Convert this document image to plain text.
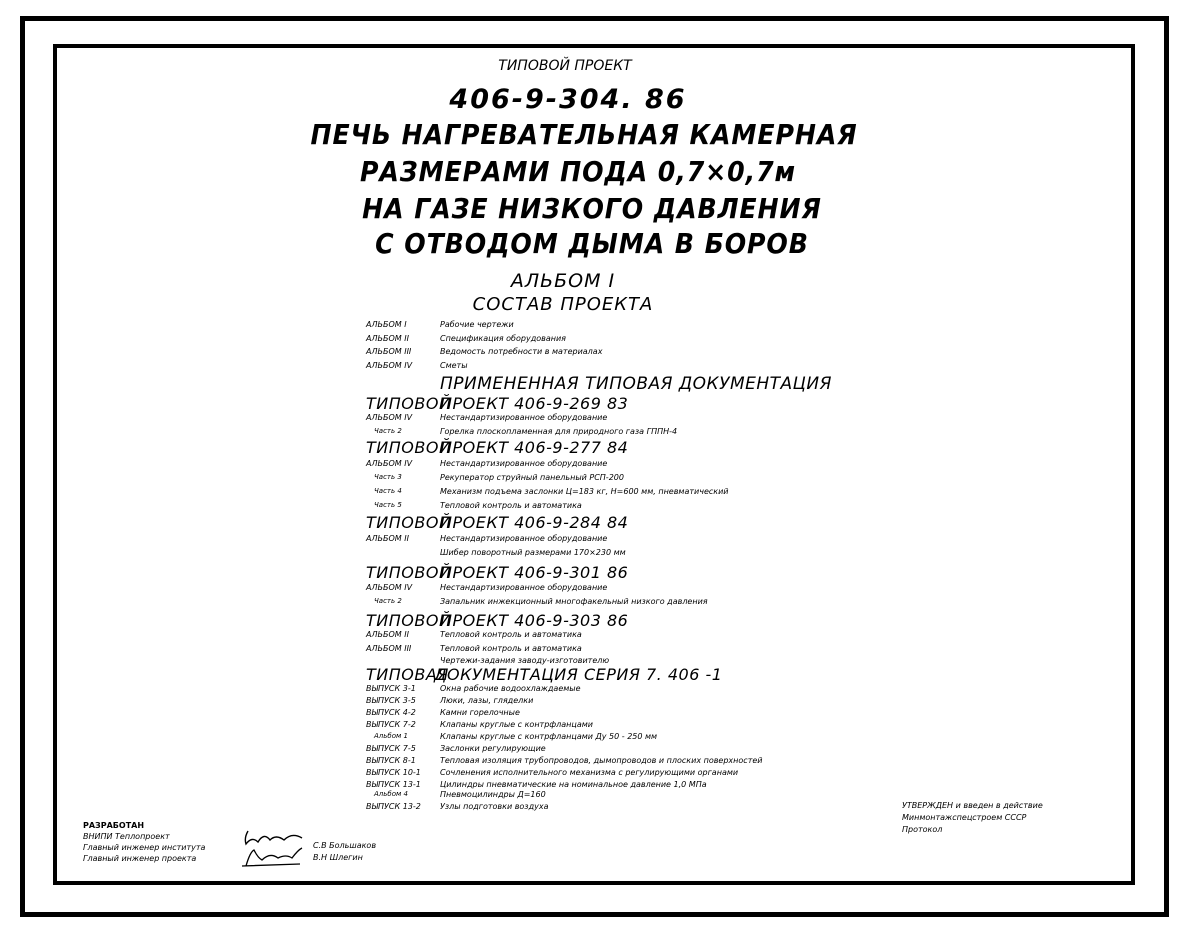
ТИПОВОЙ ПРОЕКТ
406-9-304. 86
ПЕЧЬ НАГРЕВАТЕЛЬНАЯ КАМЕРНАЯ
РАЗМЕРАМИ ПОДА 0,7×0,7м
НА ГАЗЕ НИЗКОГО ДАВЛЕНИЯ
С ОТВОДОМ ДЫМА В БОРОВ
АЛЬБОМ I
СОСТАВ ПРОЕКТА
АЛЬБОМ I	Рабочие чертежи
АЛЬБОМ II	Спецификация оборудования
АЛЬБОМ III	Ведомость потребности в материалах
АЛЬБОМ IV	Сметы
ПРИМЕНЕННАЯ ТИПОВАЯ ДОКУМЕНТАЦИЯ
ТИПОВОЙ
ПРОЕКТ 406-9-269 83
АЛЬБОМ IV	Нестандартизированное оборудование
Часть 2	Горелка плоскопламенная для природного газа ГППН-4
ТИПОВОЙ
ПРОЕКТ 406-9-277 84
АЛЬБОМ IV	Нестандартизированное оборудование
Часть 3	Рекуператор струйный панельный РСП-200
Часть 4	Механизм подъема заслонки Ц=183 кг, Н=600 мм, пневматический
Часть 5	Тепловой контроль и автоматика
ТИПОВОЙ
ПРОЕКТ 406-9-284 84
АЛЬБОМ II	Нестандартизированное оборудование
Шибер поворотный размерами 170×230 мм
ТИПОВОЙ
ПРОЕКТ 406-9-301 86
АЛЬБОМ IV	Нестандартизированное оборудование
Часть 2	Запальник инжекционный многофакельный низкого давления
ТИПОВОЙ
ПРОЕКТ 406-9-303 86
АЛЬБОМ II	Тепловой контроль и автоматика
АЛЬБОМ III	Тепловой контроль и автоматика
Чертежи-задания заводу-изготовителю
ТИПОВАЯ
ДОКУМЕНТАЦИЯ СЕРИЯ 7. 406 -1
ВЫПУСК 3-1	Окна рабочие водоохлаждаемые
ВЫПУСК 3-5	Люки, лазы, гляделки
ВЫПУСК 4-2	Камни горелочные
ВЫПУСК 7-2	Клапаны круглые с контрфланцами
Альбом 1	Клапаны круглые с контрфланцами Ду 50 - 250 мм
ВЫПУСК 7-5	Заслонки регулирующие
ВЫПУСК 8-1	Тепловая изоляция трубопроводов, дымопроводов и плоских поверхностей
ВЫПУСК 10-1 Сочленения исполнительного механизма с регулирующими органами
ВЫПУСК 13-1 Цилиндры пневматические на номинальное давление 1,0 МПа
Альбом 4	Пневмоцилиндры Д=160
ВЫПУСК 13-2 Узлы подготовки воздуха
РАЗРАБОТАН
ВНИПИ Теплопроект
Главный инженер института
Главный инженер проекта
С.В Большаков
В.Н Шлегин
УТВЕРЖДЕН и введен в действие
Минмонтажспецстроем СССР
Протокол
